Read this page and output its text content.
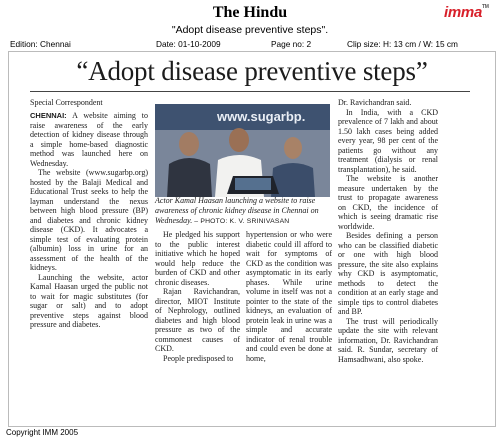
The Hindu
"Adopt disease preventive steps".
imma™
Edition: Chennai	Date: 01-10-2009	Page no: 2	Clip size: H: 13 cm / W: 15 cm
“Adopt disease preventive steps”
Special Correspondent

CHENNAI: A website aiming to raise awareness of the early detection of kidney disease through a simple home-based diagnostic method was launched here on Wednesday.

The website (www.sugarbp.org) hosted by the Balaji Medical and Educational Trust seeks to help the layman understand the nexus between high blood pressure (BP) and diabetes and chronic kidney disease (CKD). It advocates a simple test of evaluating protein (albumin) loss in urine for an assessment of the health of the kidneys.

Launching the website, actor Kamal Haasan urged the public not to wait for magic substitutes (for sugar or salt) and to adopt preventive steps against blood pressure and diabetes.

www.sugarbp.
Actor Kamal Haasan launching a website to raise awareness of chronic kidney disease in Chennai on Wednesday. – PHOTO: K. V. SRINIVASAN

He pledged his support to the public interest initiative which he hoped would help reduce the burden of CKD and other chronic diseases.

Rajan Ravichandran, director, MIOT Institute of Nephrology, outlined diabetes and high blood pressure as two of the commonest causes of CKD.

People predisposed to

hypertension or who were diabetic could ill afford to wait for symptoms of CKD as the condition was asymptomatic in its early phases. While urine volume in itself was not a pointer to the state of the kidneys, an evaluation of protein leak in urine was a simple and accurate indicator of renal trouble and could even be done at home,

Dr. Ravichandran said.

In India, with a CKD prevalence of 7 lakh and about 1.50 lakh cases being added every year, 98 per cent of the patients go without any treatment (dialysis or renal transplantation), he said.

The website is another measure undertaken by the trust to propagate awareness on CKD, the incidence of which is seeing dramatic rise worldwide.

Besides defining a person who can be classified diabetic or one with high blood pressure, the site also explains why CKD is asymptomatic, methods to detect the condition at an early stage and simple tips to control diabetes and BP.

The trust will periodically update the site with relevant information, Dr. Ravichandran said. R. Sundar, secretary of Hamsadhwani, also spoke.

Copyright IMM 2005
